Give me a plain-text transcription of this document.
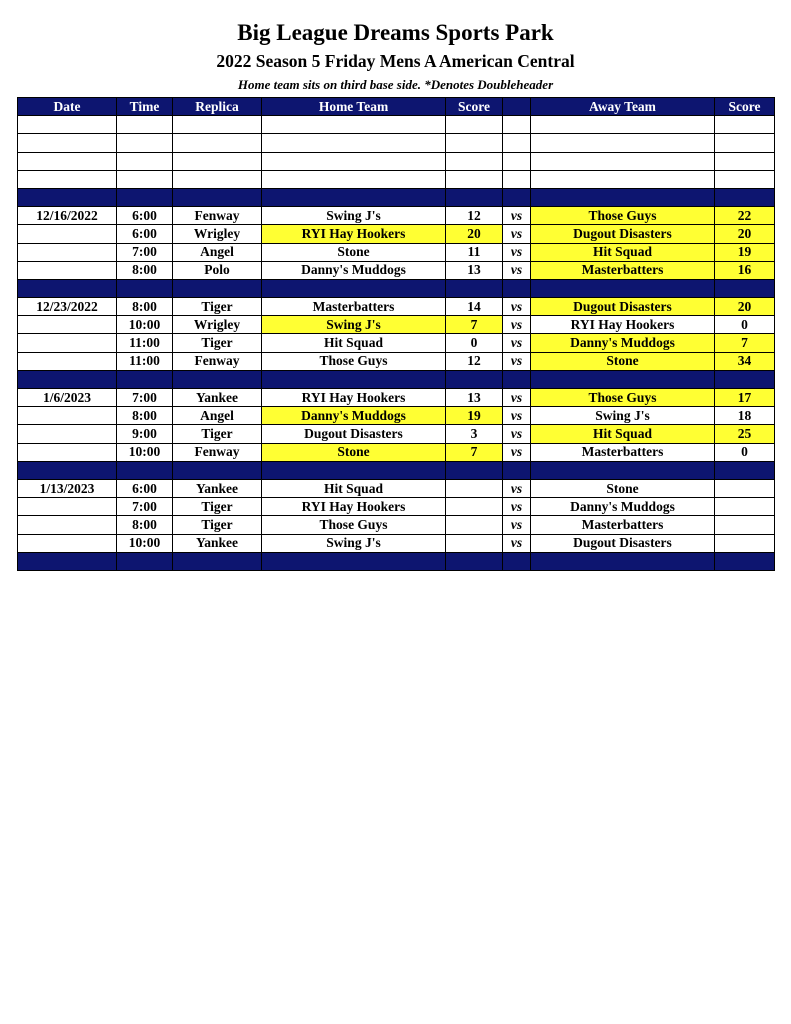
Big League Dreams Sports Park
2022 Season 5 Friday Mens A American Central

Home team sits on third base side. *Denotes Doubleheader

Date	Time	Replica	Home Team	Score		Away Team	Score

12/16/2022	6:00	Fenway	Swing J's	12	vs	Those Guys	22
	6:00	Wrigley	RYI Hay Hookers	20	vs	Dugout Disasters	20
	7:00	Angel	Stone	11	vs	Hit Squad	19
	8:00	Polo	Danny's Muddogs	13	vs	Masterbatters	16

12/23/2022	8:00	Tiger	Masterbatters	14	vs	Dugout Disasters	20
	10:00	Wrigley	Swing J's	7	vs	RYI Hay Hookers	0
	11:00	Tiger	Hit Squad	0	vs	Danny's Muddogs	7
	11:00	Fenway	Those Guys	12	vs	Stone	34

1/6/2023	7:00	Yankee	RYI Hay Hookers	13	vs	Those Guys	17
	8:00	Angel	Danny's Muddogs	19	vs	Swing J's	18
	9:00	Tiger	Dugout Disasters	3	vs	Hit Squad	25
	10:00	Fenway	Stone	7	vs	Masterbatters	0

1/13/2023	6:00	Yankee	Hit Squad		vs	Stone	
	7:00	Tiger	RYI Hay Hookers		vs	Danny's Muddogs	
	8:00	Tiger	Those Guys		vs	Masterbatters	
	10:00	Yankee	Swing J's		vs	Dugout Disasters	
